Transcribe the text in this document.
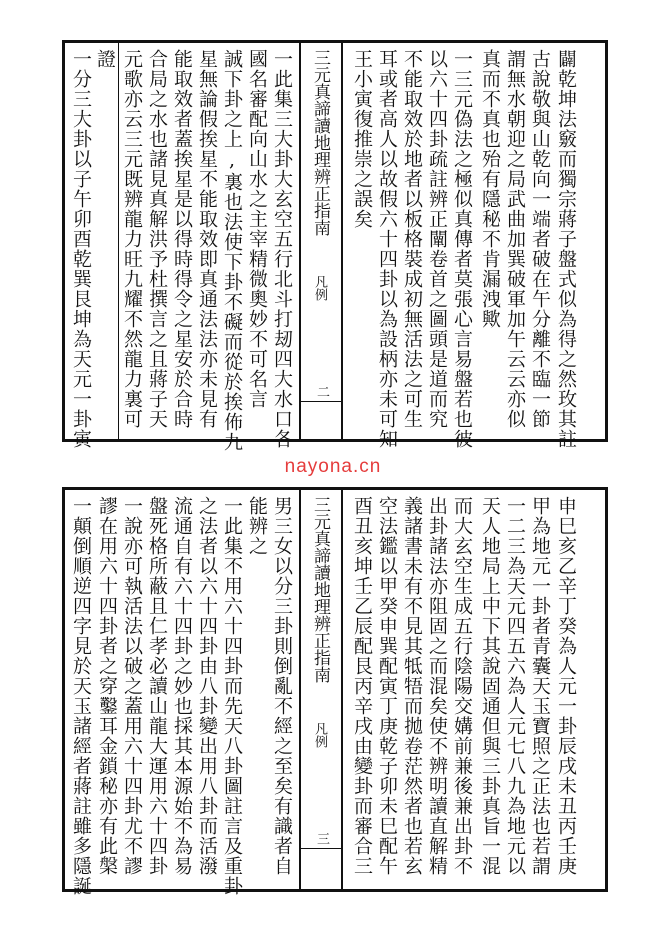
一分三大卦以子午卯酉乾巽艮坤為天元一卦寅 證 元歌亦云三元既辨龍力旺九耀不然龍力裏可 合局之水也諸見真解洪予杜撰言之且蔣子天 能取效者蓋挨星是以得時得令之星安於合時 星無論假挨星不能取效即真通法法亦未見有 誠下卦之上,裏也法使下卦不礙而從於挨佈九 國名審配向山水之主宰精微奧妙不可名言 一此集三大卦大玄空五行北斗打刼四大水口各 三元真諦讀地理辨正指南
凡例
二
王小寅復推崇之誤矣 耳或者高人以故假六十四卦以為設柄亦未可知 不能取效於地者以板格裝成初無活法之可生 以六十四卦疏註辨正闡卷首之圖頭是道而究 一三元偽法之極似真傳者莫張心言易盤若也彼 真而不真也殆有隱秘不肯漏洩歟 謂無水朝迎之局武曲加巽破軍加午云云亦似 古說敬與山乾向一端者破在午分離不臨一節 闢乾坤法竅而獨宗蔣子盤式似為得之然玫其註
nayona.cn
一顛倒順逆四字見於天玉諸經者蔣註雖多隱誕 謬在用六十四卦者之穿鑿耳金鎖秘亦有此槃 一說亦可執活法以破之蓋用六十四卦尤不謬 盤死格所蔽且仁孝必讀山龍大運用六十四卦 流通自有六十四卦之妙也採其本源始不為易 之法者以六十四卦由八卦變出用八卦而活潑 一此集不用六十四卦而先天八卦圖註言及重卦 能辨之 男三女以分三卦則倒亂不經之至矣有識者自 三元真諦讀地理辨正指南
凡例
三 酉丑亥坤壬乙辰配艮丙辛戌由變卦而審合三 空法鑑以甲癸申巽配寅丁庚乾子卯未巳配午 義諸書未有不見其牴牾而拋卷茫然者也若玄 出卦諸法亦阻固之而混矣使不辨明讀直解精 而大玄空生成五行陰陽交媾前兼後兼出卦不 天人地局上中下其說固通但與三卦真旨一混 一二三為天元四五六為人元七八九為地元以 甲為地元一卦者青囊天玉寶照之正法也若謂 申巳亥乙辛丁癸為人元一卦辰戌未丑丙壬庚
